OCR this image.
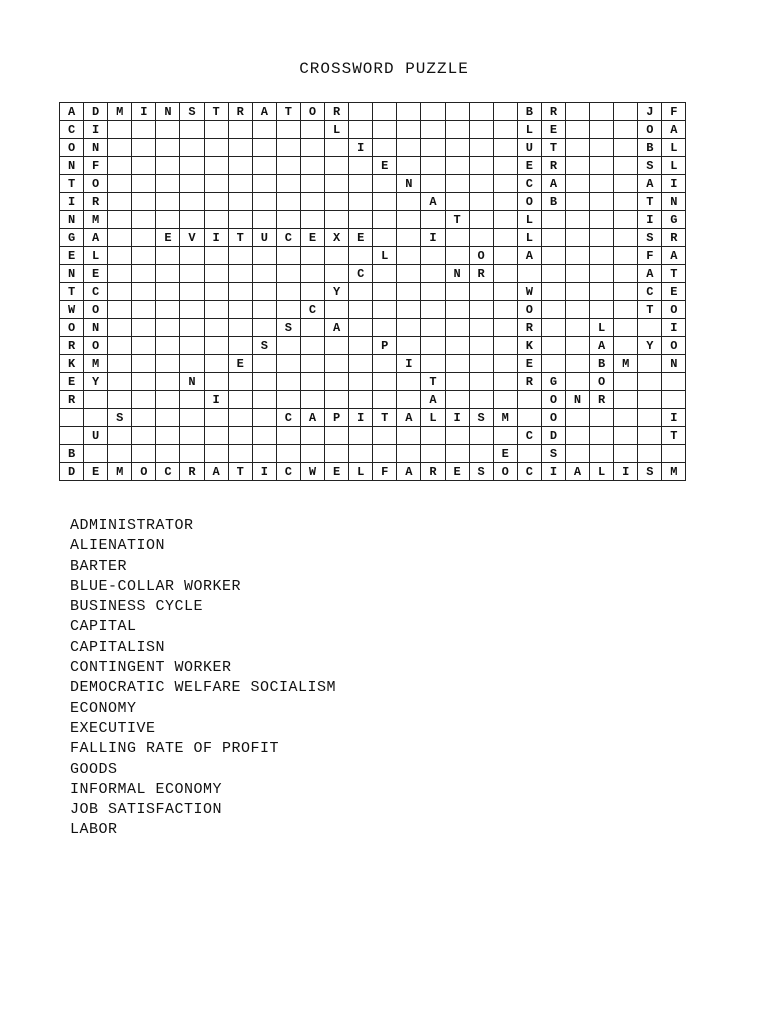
CROSSWORD PUZZLE
A	D	M	I	N	S	T	R	A	T	O	R								B	R				J	F
C	I										L								L	E				O	A
O	N											I							U	T				B	L
N	F												E						E	R				S	L
T	O													N					C	A				A	I
I	R														A				O	B				T	N
N	M															T			L					I	G
G	A			E	V	I	T	U	C	E	X	E			I				L					S	R
E	L												L				O		A					F	A
N	E											C				N	R							A	T
T	C										Y								W					C	E
W	O									C									O					T	O
O	N								S		A								R			L			I
R	O							S					P						K			A		Y	O
K	M						E							I					E			B	M		N
E	Y				N										T				R	G		O			
R						I									A					O	N	R			
		S							C	A	P	I	T	A	L	I	S	M		O					I
	U																		C	D					T
B																		E		S					
D	E	M	O	C	R	A	T	I	C	W	E	L	F	A	R	E	S	O	C	I	A	L	I	S	M
ADMINISTRATOR
ALIENATION
BARTER
BLUE-COLLAR WORKER
BUSINESS CYCLE
CAPITAL
CAPITALISN
CONTINGENT WORKER
DEMOCRATIC WELFARE SOCIALISM
ECONOMY
EXECUTIVE
FALLING RATE OF PROFIT
GOODS
INFORMAL ECONOMY
JOB SATISFACTION
LABOR
